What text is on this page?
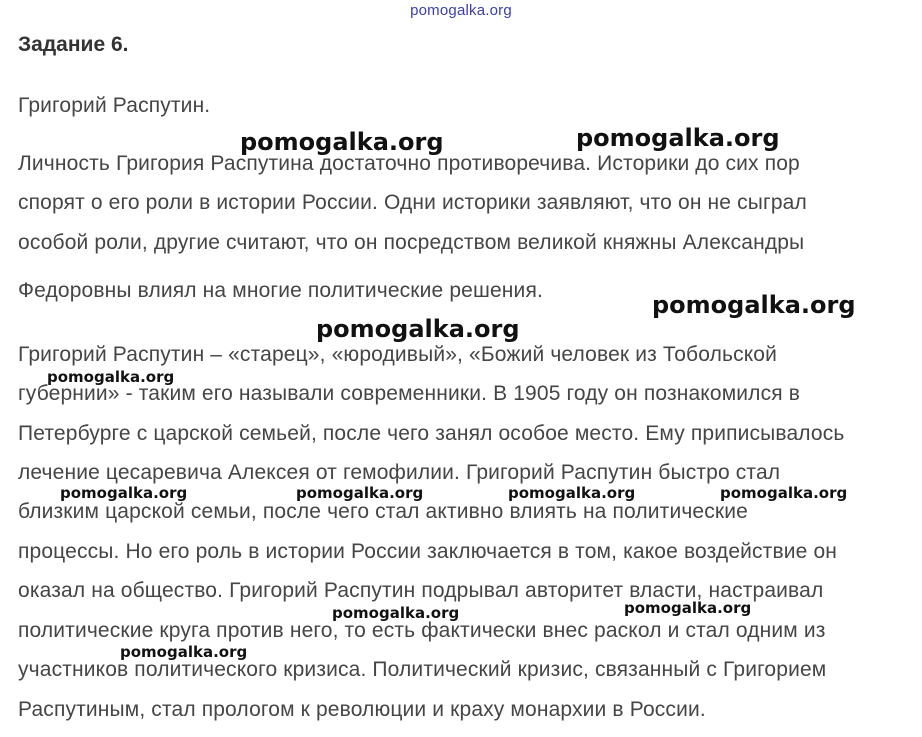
pomogalka.org
Задание 6.
Григорий Распутин.
Личность Григория Распутина достаточно противоречива. Историки до сих пор
спорят о его роли в истории России. Одни историки заявляют, что он не сыграл
особой роли, другие считают, что он посредством великой княжны Александры
Федоровны влиял на многие политические решения.
Григорий Распутин – «старец», «юродивый», «Божий человек из Тобольской
губернии» - таким его называли современники. В 1905 году он познакомился в
Петербурге с царской семьей, после чего занял особое место. Ему приписывалось
лечение цесаревича Алексея от гемофилии. Григорий Распутин быстро стал
близким царской семьи, после чего стал активно влиять на политические
процессы. Но его роль в истории России заключается в том, какое воздействие он
оказал на общество. Григорий Распутин подрывал авторитет власти, настраивал
политические круга против него, то есть фактически внес раскол и стал одним из
участников политического кризиса. Политический кризис, связанный с Григорием
Распутиным, стал прологом к революции и краху монархии в России.
pomogalka.org	pomogalka.org
pomogalka.org
pomogalka.org
pomogalka.org
pomogalka.org	pomogalka.org	pomogalka.org	pomogalka.org
pomogalka.org
pomogalka.org
pomogalka.org
